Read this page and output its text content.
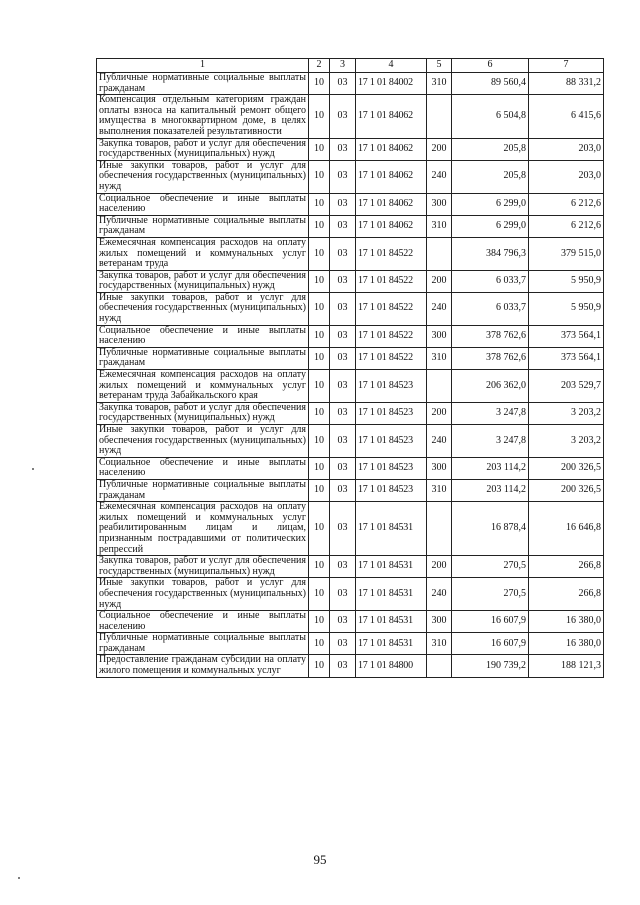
1	2	3	4	5	6	7
Публичные нормативные социальные выплаты гражданам	10	03	17 1 01 84002	310	89 560,4	88 331,2
Компенсация отдельным категориям граждан оплаты взноса на капитальный ремонт общего имущества в многоквартирном доме, в целях выполнения показателей результативности	10	03	17 1 01 84062		6 504,8	6 415,6
Закупка товаров, работ и услуг для обеспечения государственных (муниципальных) нужд	10	03	17 1 01 84062	200	205,8	203,0
Иные закупки товаров, работ и услуг для обеспечения государственных (муниципальных) нужд	10	03	17 1 01 84062	240	205,8	203,0
Социальное обеспечение и иные выплаты населению	10	03	17 1 01 84062	300	6 299,0	6 212,6
Публичные нормативные социальные выплаты гражданам	10	03	17 1 01 84062	310	6 299,0	6 212,6
Ежемесячная компенсация расходов на оплату жилых помещений и коммунальных услуг ветеранам труда	10	03	17 1 01 84522		384 796,3	379 515,0
Закупка товаров, работ и услуг для обеспечения государственных (муниципальных) нужд	10	03	17 1 01 84522	200	6 033,7	5 950,9
Иные закупки товаров, работ и услуг для обеспечения государственных (муниципальных) нужд	10	03	17 1 01 84522	240	6 033,7	5 950,9
Социальное обеспечение и иные выплаты населению	10	03	17 1 01 84522	300	378 762,6	373 564,1
Публичные нормативные социальные выплаты гражданам	10	03	17 1 01 84522	310	378 762,6	373 564,1
Ежемесячная компенсация расходов на оплату жилых помещений и коммунальных услуг ветеранам труда Забайкальского края	10	03	17 1 01 84523		206 362,0	203 529,7
Закупка товаров, работ и услуг для обеспечения государственных (муниципальных) нужд	10	03	17 1 01 84523	200	3 247,8	3 203,2
Иные закупки товаров, работ и услуг для обеспечения государственных (муниципальных) нужд	10	03	17 1 01 84523	240	3 247,8	3 203,2
Социальное обеспечение и иные выплаты населению	10	03	17 1 01 84523	300	203 114,2	200 326,5
Публичные нормативные социальные выплаты гражданам	10	03	17 1 01 84523	310	203 114,2	200 326,5
Ежемесячная компенсация расходов на оплату жилых помещений и коммунальных услуг реабилитированным лицам и лицам, признанным пострадавшими от политических репрессий	10	03	17 1 01 84531		16 878,4	16 646,8
Закупка товаров, работ и услуг для обеспечения государственных (муниципальных) нужд	10	03	17 1 01 84531	200	270,5	266,8
Иные закупки товаров, работ и услуг для обеспечения государственных (муниципальных) нужд	10	03	17 1 01 84531	240	270,5	266,8
Социальное обеспечение и иные выплаты населению	10	03	17 1 01 84531	300	16 607,9	16 380,0
Публичные нормативные социальные выплаты гражданам	10	03	17 1 01 84531	310	16 607,9	16 380,0
Предоставление гражданам субсидии на оплату жилого помещения и коммунальных услуг	10	03	17 1 01 84800		190 739,2	188 121,3
95
